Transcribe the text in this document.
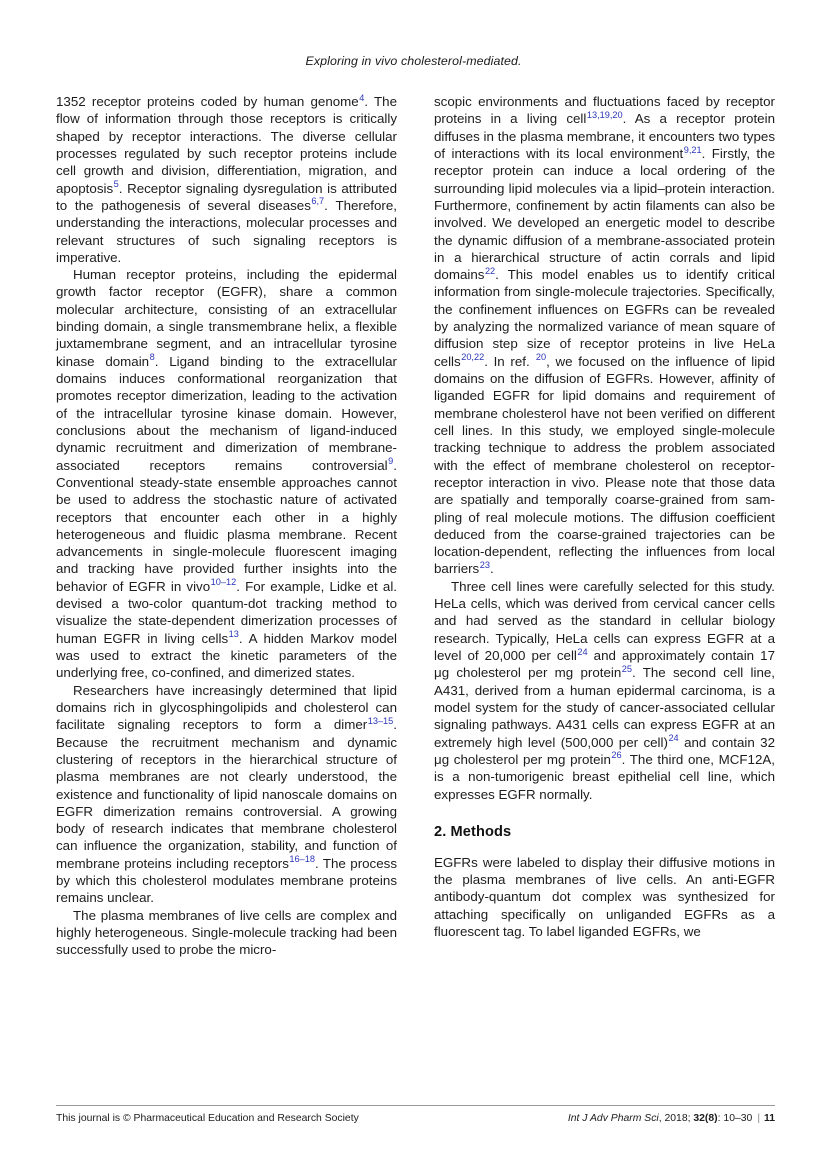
Exploring in vivo cholesterol-mediated.

1352 receptor proteins coded by human genome$^4$. The flow of information through those receptors is critically shaped by receptor interactions. The diverse cellular processes regulated by such receptor proteins include cell growth and division, differentiation, migration, and apoptosis$^5$. Receptor signaling dysregulation is attributed to the pathogenesis of several diseases$^{6,7}$. Therefore, understanding the interactions, molecular processes and relevant structures of such signaling receptors is imperative.

Human receptor proteins, including the epidermal growth factor receptor (EGFR), share a common molecular architecture, consisting of an extracellular binding domain, a single transmembrane helix, a flexible juxtamembrane segment, and an intracellular tyrosine kinase domain$^8$. Ligand binding to the extracellular domains induces conformational reorganization that promotes receptor dimerization, leading to the activation of the intracellular tyrosine kinase domain. However, conclusions about the mechanism of ligand-induced dynamic recruitment and dimerization of membrane-associated receptors remains controversial$^9$. Conventional steady-state ensemble approaches cannot be used to address the stochastic nature of activated receptors that encounter each other in a highly heterogeneous and fluidic plasma membrane. Recent advancements in single-molecule fluorescent imaging and tracking have provided further insights into the behavior of EGFR in vivo$^{10-12}$. For example, Lidke et al. devised a two-color quantum-dot tracking method to visualize the state-dependent dimerization processes of human EGFR in living cells$^{13}$. A hidden Markov model was used to extract the kinetic parameters of the underlying free, co-confined, and dimerized states.

Researchers have increasingly determined that lipid domains rich in glycosphingolipids and cholesterol can facilitate signaling receptors to form a dimer$^{13-15}$. Because the recruitment mechanism and dynamic clustering of receptors in the hierarchical structure of plasma membranes are not clearly understood, the existence and functionality of lipid nanoscale domains on EGFR dimerization remains controversial. A growing body of research indicates that membrane cholesterol can influence the organization, stability, and function of membrane proteins including receptors$^{16-18}$. The process by which this cholesterol modulates membrane proteins remains unclear.

The plasma membranes of live cells are complex and highly heterogeneous. Single-molecule tracking had been successfully used to probe the micro-

scopic environments and fluctuations faced by receptor proteins in a living cell$^{13,19,20}$. As a receptor protein diffuses in the plasma membrane, it encounters two types of interactions with its local environment$^{9,21}$. Firstly, the receptor protein can induce a local ordering of the surrounding lipid molecules via a lipid–protein interaction. Furthermore, confinement by actin filaments can also be involved. We developed an energetic model to describe the dynamic diffusion of a membrane-associated protein in a hierarchical structure of actin corrals and lipid domains$^{22}$. This model enables us to identify critical information from single-molecule trajectories. Specifically, the confinement influences on EGFRs can be revealed by analyzing the normalized variance of mean square of diffusion step size of receptor proteins in live HeLa cells$^{20,22}$. In ref. $^{20}$, we focused on the influence of lipid domains on the diffusion of EGFRs. However, affinity of liganded EGFR for lipid domains and requirement of membrane cholesterol have not been verified on different cell lines. In this study, we employed single-molecule tracking technique to address the problem associated with the effect of membrane cholesterol on receptor-receptor interaction in vivo. Please note that those data are spatially and temporally coarse-grained from sampling of real molecule motions. The diffusion coefficient deduced from the coarse-grained trajectories can be location-dependent, reflecting the influences from local barriers$^{23}$.

Three cell lines were carefully selected for this study. HeLa cells, which was derived from cervical cancer cells and had served as the standard in cellular biology research. Typically, HeLa cells can express EGFR at a level of 20,000 per cell$^{24}$ and approximately contain 17 μg cholesterol per mg protein$^{25}$. The second cell line, A431, derived from a human epidermal carcinoma, is a model system for the study of cancer-associated cellular signaling pathways. A431 cells can express EGFR at an extremely high level (500,000 per cell)$^{24}$ and contain 32 μg cholesterol per mg protein$^{26}$. The third one, MCF12A, is a non-tumorigenic breast epithelial cell line, which expresses EGFR normally.

2. Methods

EGFRs were labeled to display their diffusive motions in the plasma membranes of live cells. An anti-EGFR antibody-quantum dot complex was synthesized for attaching specifically on unliganded EGFRs as a fluorescent tag. To label liganded EGFRs, we

This journal is © Pharmaceutical Education and Research Society	Int J Adv Pharm Sci, 2018; 32(8): 10–30 | 11
